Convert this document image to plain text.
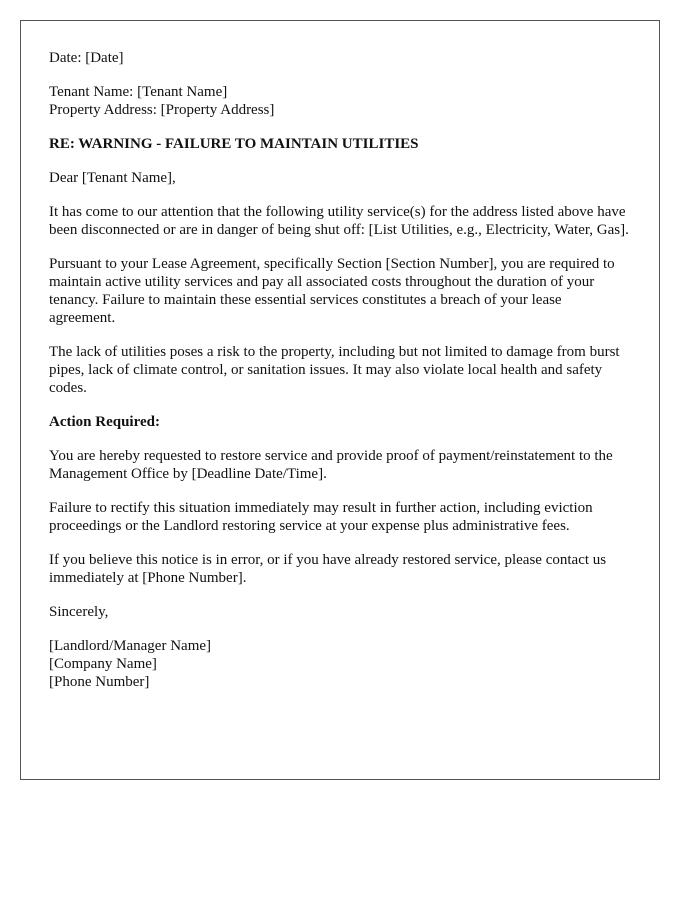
Date: [Date]

Tenant Name: [Tenant Name]
Property Address: [Property Address]

RE: WARNING - FAILURE TO MAINTAIN UTILITIES

Dear [Tenant Name],

It has come to our attention that the following utility service(s) for the address listed above have been disconnected or are in danger of being shut off: [List Utilities, e.g., Electricity, Water, Gas].

Pursuant to your Lease Agreement, specifically Section [Section Number], you are required to maintain active utility services and pay all associated costs throughout the duration of your tenancy. Failure to maintain these essential services constitutes a breach of your lease agreement.

The lack of utilities poses a risk to the property, including but not limited to damage from burst pipes, lack of climate control, or sanitation issues. It may also violate local health and safety codes.

Action Required:

You are hereby requested to restore service and provide proof of payment/reinstatement to the Management Office by [Deadline Date/Time].

Failure to rectify this situation immediately may result in further action, including eviction proceedings or the Landlord restoring service at your expense plus administrative fees.

If you believe this notice is in error, or if you have already restored service, please contact us immediately at [Phone Number].

Sincerely,

[Landlord/Manager Name]
[Company Name]
[Phone Number]
